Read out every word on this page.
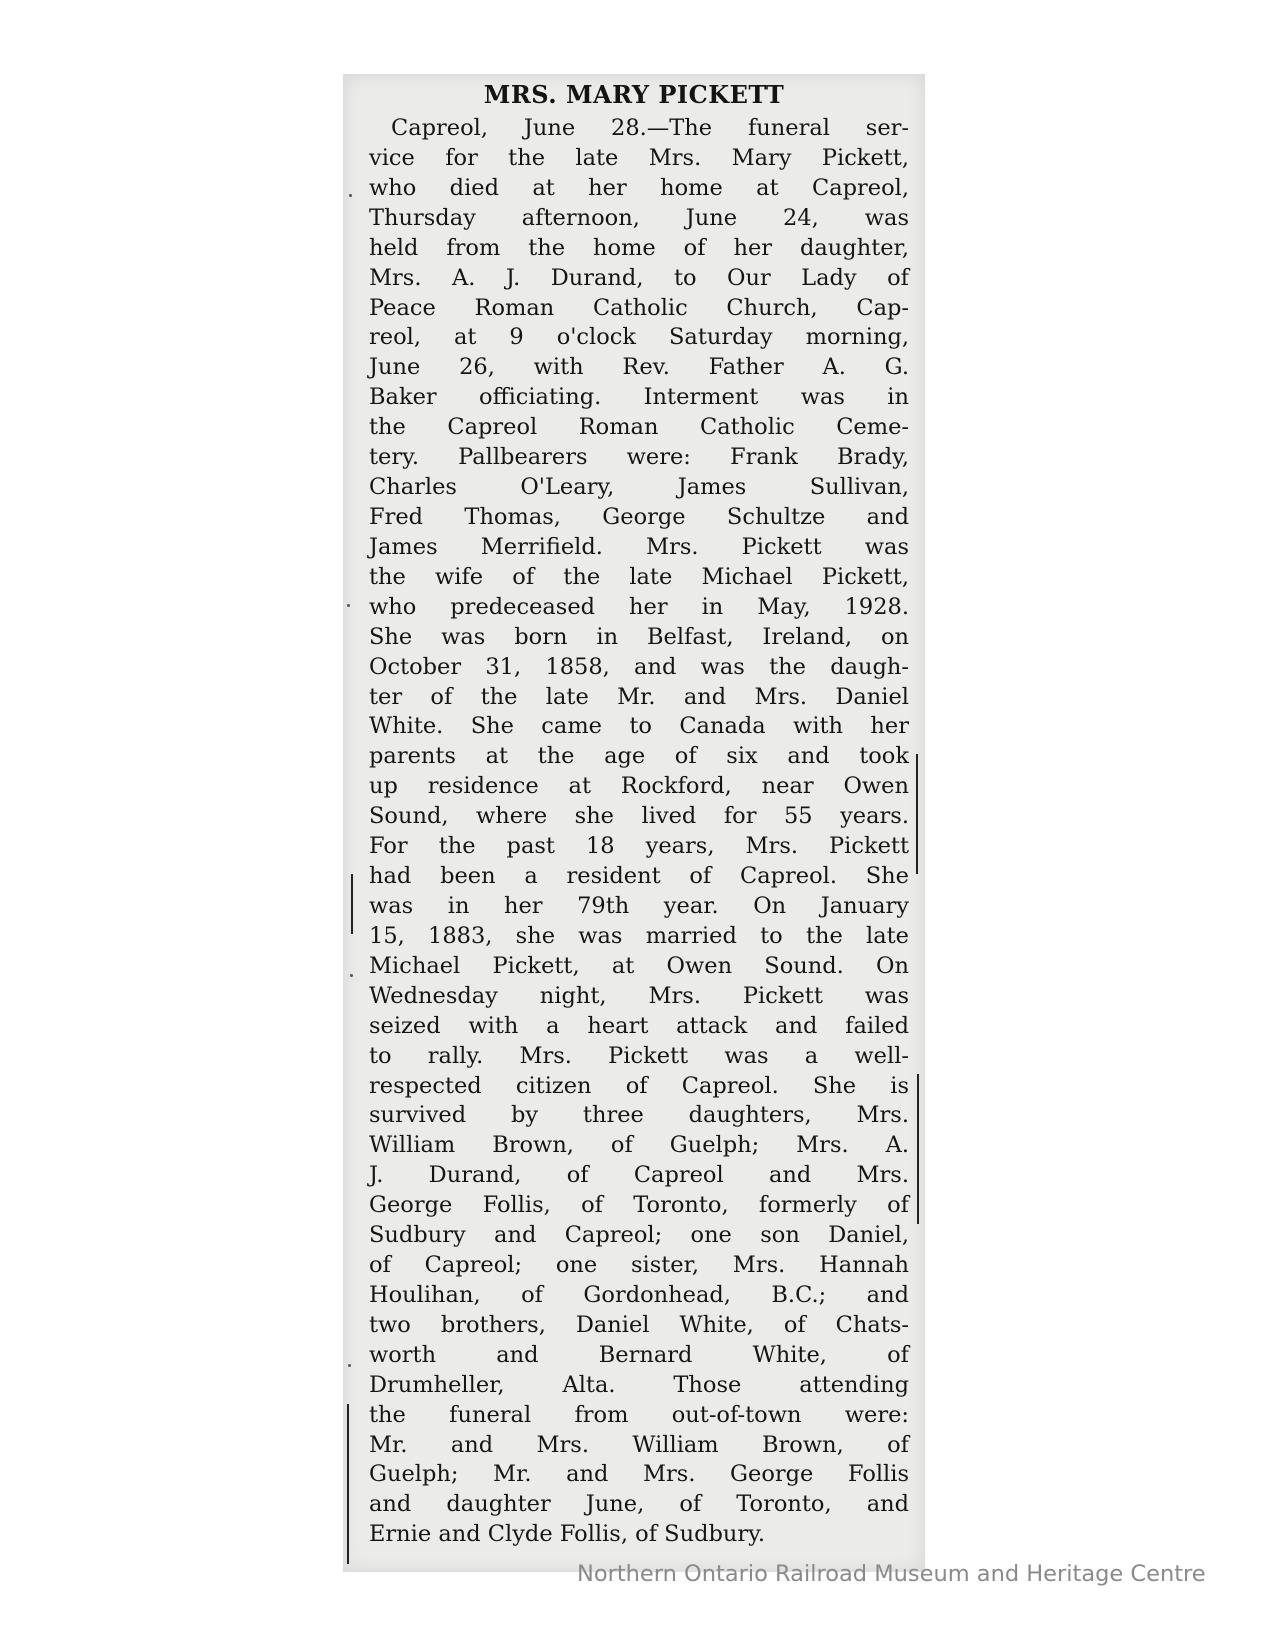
MRS. MARY PICKETT
Capreol, June 28.—The funeral ser-
vice for the late Mrs. Mary Pickett,
who died at her home at Capreol,
Thursday afternoon, June 24, was
held from the home of her daughter,
Mrs. A. J. Durand, to Our Lady of
Peace Roman Catholic Church, Cap-
reol, at 9 o'clock Saturday morning,
June 26, with Rev. Father A. G.
Baker officiating. Interment was in
the Capreol Roman Catholic Ceme-
tery. Pallbearers were: Frank Brady,
Charles O'Leary, James Sullivan,
Fred Thomas, George Schultze and
James Merrifield. Mrs. Pickett was
the wife of the late Michael Pickett,
who predeceased her in May, 1928.
She was born in Belfast, Ireland, on
October 31, 1858, and was the daugh-
ter of the late Mr. and Mrs. Daniel
White. She came to Canada with her
parents at the age of six and took
up residence at Rockford, near Owen
Sound, where she lived for 55 years.
For the past 18 years, Mrs. Pickett
had been a resident of Capreol. She
was in her 79th year. On January
15, 1883, she was married to the late
Michael Pickett, at Owen Sound. On
Wednesday night, Mrs. Pickett was
seized with a heart attack and failed
to rally. Mrs. Pickett was a well-
respected citizen of Capreol. She is
survived by three daughters, Mrs.
William Brown, of Guelph; Mrs. A.
J. Durand, of Capreol and Mrs.
George Follis, of Toronto, formerly of
Sudbury and Capreol; one son Daniel,
of Capreol; one sister, Mrs. Hannah
Houlihan, of Gordonhead, B.C.; and
two brothers, Daniel White, of Chats-
worth and Bernard White, of
Drumheller, Alta. Those attending
the funeral from out-of-town were:
Mr. and Mrs. William Brown, of
Guelph; Mr. and Mrs. George Follis
and daughter June, of Toronto, and
Ernie and Clyde Follis, of Sudbury.

Northern Ontario Railroad Museum and Heritage Centre
